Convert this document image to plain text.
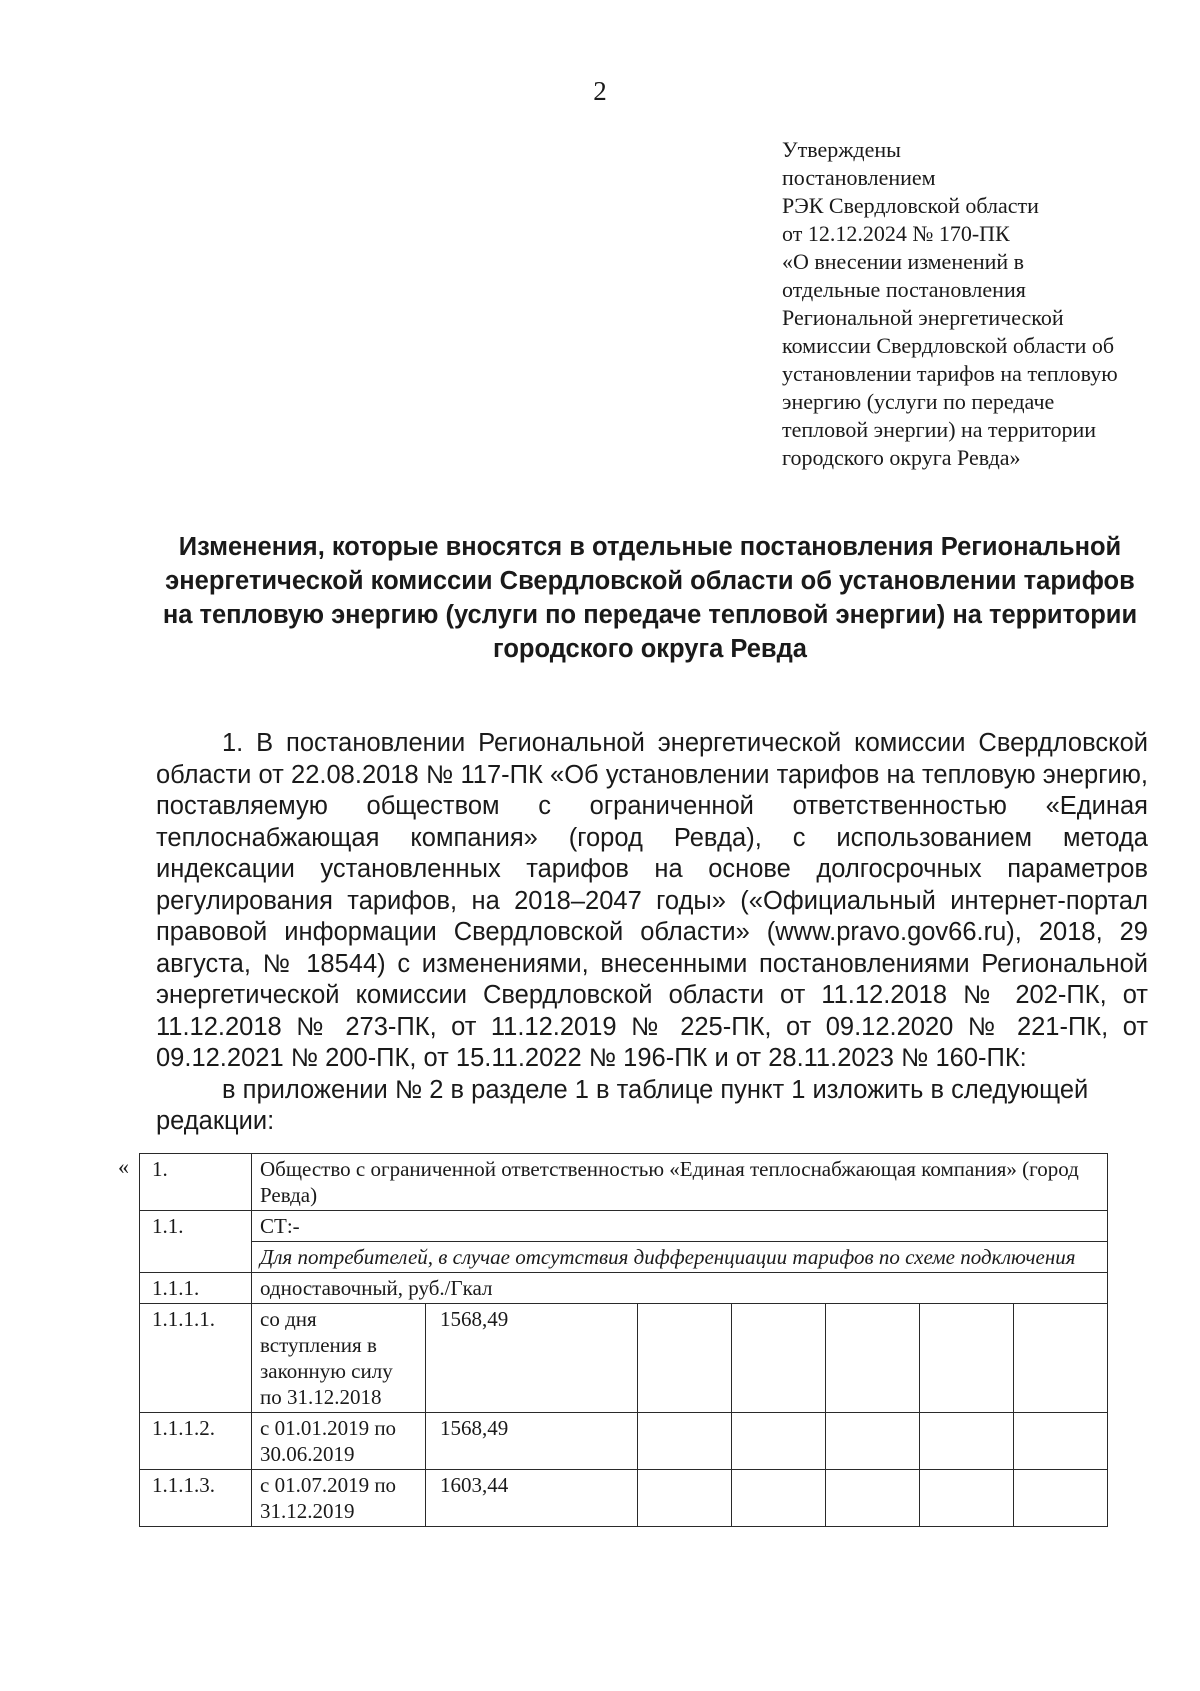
2
Утверждены
постановлением
РЭК Свердловской области
от 12.12.2024 № 170-ПК
«О внесении изменений в
отдельные постановления
Региональной энергетической
комиссии Свердловской области об
установлении тарифов на тепловую
энергию (услуги по передаче
тепловой энергии) на территории
городского округа Ревда»
Изменения, которые вносятся в отдельные постановления Региональной
энергетической комиссии Свердловской области об установлении тарифов
на тепловую энергию (услуги по передаче тепловой энергии) на территории
городского округа Ревда

1. В постановлении Региональной энергетической комиссии Свердловской области от 22.08.2018 № 117-ПК «Об установлении тарифов на тепловую энергию, поставляемую обществом с ограниченной ответственностью «Единая теплоснабжающая компания» (город Ревда), с использованием метода индексации установленных тарифов на основе долгосрочных параметров регулирования тарифов, на 2018–2047 годы» («Официальный интернет-портал правовой информации Свердловской области» (www.pravo.gov66.ru), 2018, 29 августа, № 18544) с изменениями, внесенными постановлениями Региональной энергетической комиссии Свердловской области от 11.12.2018 № 202-ПК, от 11.12.2018 № 273-ПК, от 11.12.2019 № 225-ПК, от 09.12.2020 № 221-ПК, от 09.12.2021 № 200-ПК, от 15.11.2022 № 196-ПК и от 28.11.2023 № 160-ПК:

в приложении № 2 в разделе 1 в таблице пункт 1 изложить в следующей

редакции:
« 1.	Общество с ограниченной ответственностью «Единая теплоснабжающая компания» (город Ревда)						
1.1.	СТ:-						
	Для потребителей, в случае отсутствия дифференциации тарифов по схеме подключения						
1.1.1.	одноставочный, руб./Гкал						
1.1.1.1.	со дня вступления в законную силу по 31.12.2018	1568,49					
1.1.1.2.	с 01.01.2019 по 30.06.2019	1568,49					
1.1.1.3.	с 01.07.2019 по 31.12.2019	1603,44					
